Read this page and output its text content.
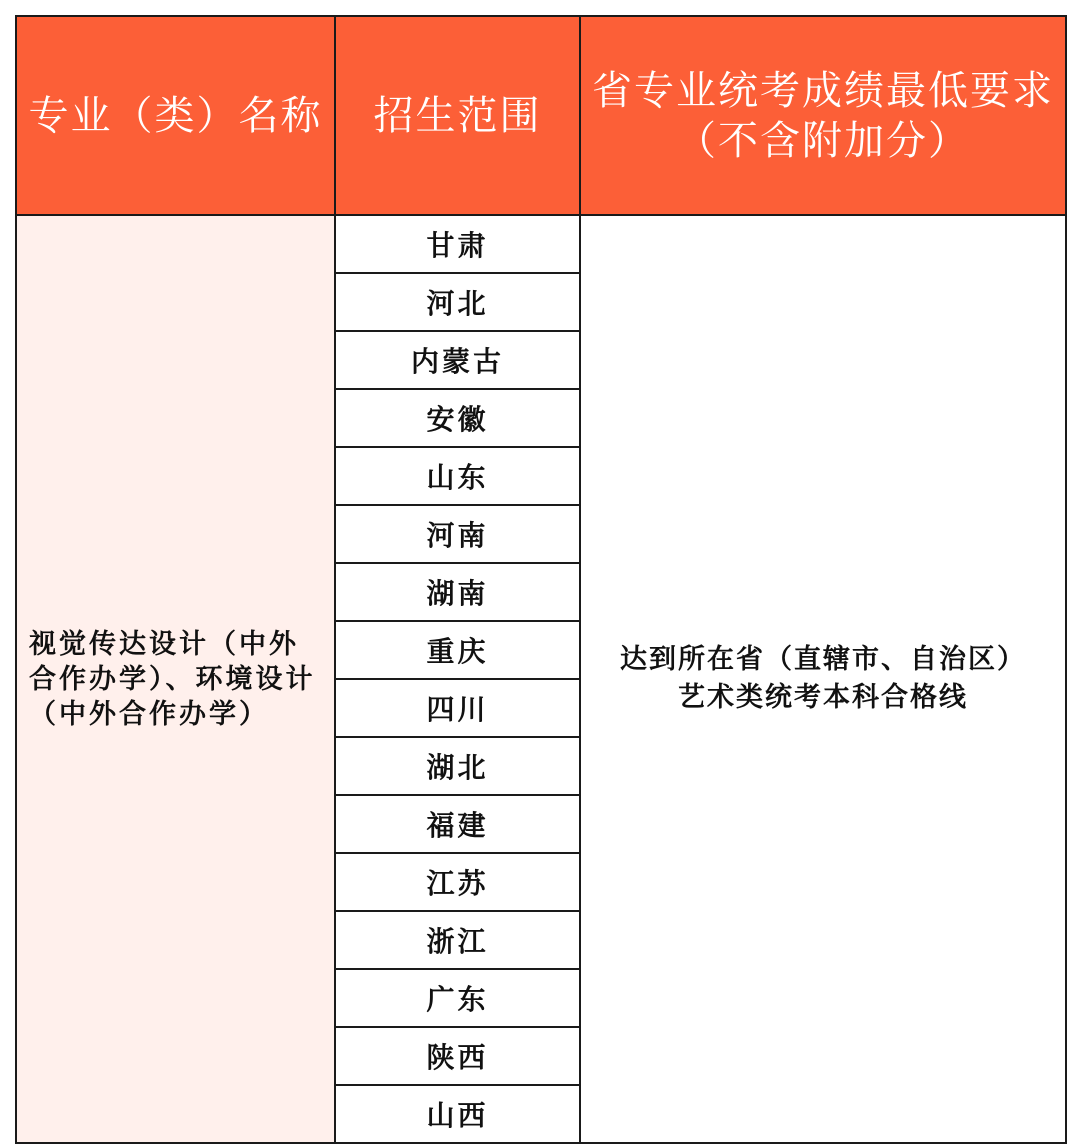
专业（类）名称	招生范围	省专业统考成绩最低要求
（不含附加分）

视觉传达设计（中外合作办学）、环境设计（中外合作办学）	甘肃	达到所在省（直辖市、自治区）
艺术类统考本科合格线

	河北	
	内蒙古	
	安徽	
	山东	
	河南	
	湖南	
	重庆	
	四川	
	湖北	
	福建	
	江苏	
	浙江	
	广东	
	陕西	
	山西	
